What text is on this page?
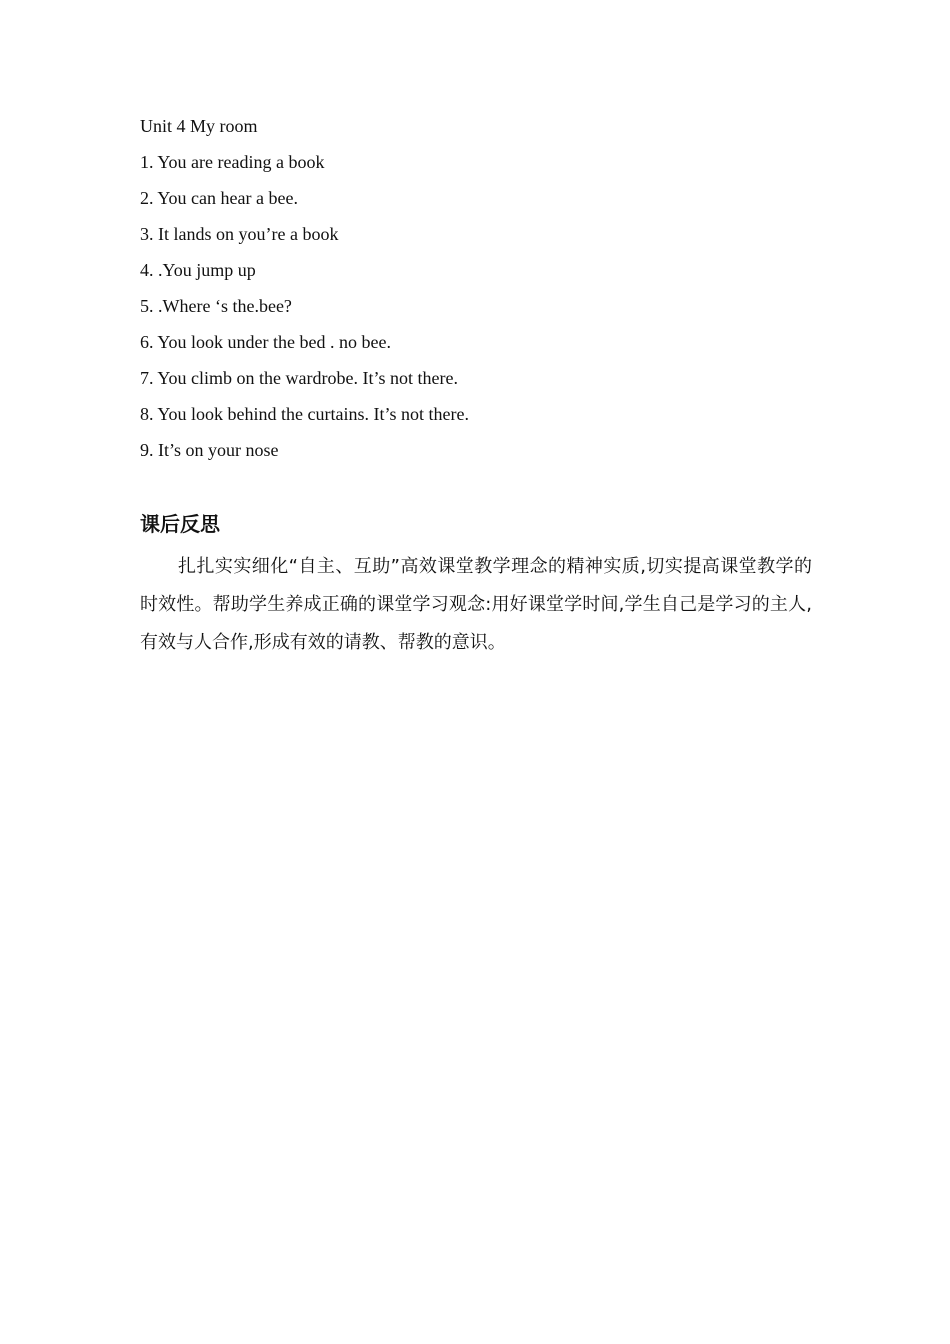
Unit 4 My room
1. You are reading a book
2. You can hear a bee.
3. It lands on you’re a book
4. .You jump up
5. .Where ‘s the.bee?
6. You look under the bed . no bee.
7. You climb on the wardrobe. It’s not there.
8. You look behind the curtains. It’s not there.
9. It’s on your nose
课后反思

扎扎实实细化“自主、互助”高效课堂教学理念的精神实质,切实提高课堂教学的时效性。帮助学生养成正确的课堂学习观念:用好课堂学时间,学生自己是学习的主人,有效与人合作,形成有效的请教、帮教的意识。
